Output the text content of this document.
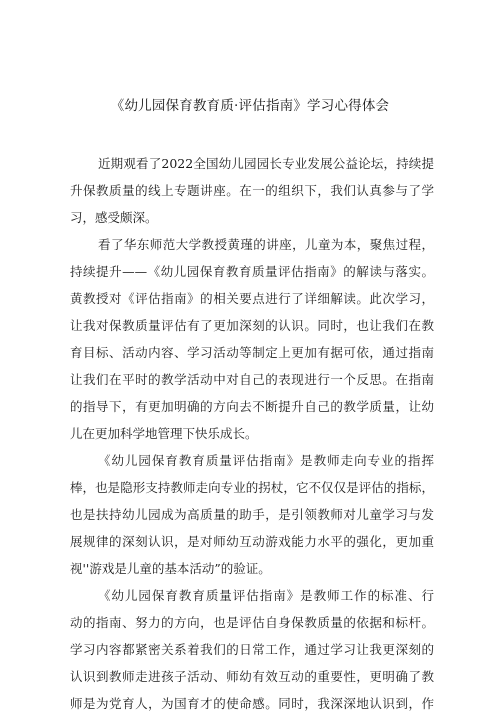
《幼儿园保育教育质·评估指南》学习心得体会
近期观看了2022全国幼儿园园长专业发展公益论坛，持续提
升保教质量的线上专题讲座。在一的组织下，我们认真参与了学
习，感受颇深。
看了华东师范大学教授黄瑾的讲座，儿童为本，聚焦过程，
持续提升——《幼儿园保育教育质量评估指南》的解读与落实。
黄教授对《评估指南》的相关要点进行了详细解读。此次学习，
让我对保教质量评估有了更加深刻的认识。同时，也让我们在教
育目标、活动内容、学习活动等制定上更加有据可依，通过指南
让我们在平时的教学活动中对自己的表现进行一个反思。在指南
的指导下，有更加明确的方向去不断提升自己的教学质量，让幼
儿在更加科学地管理下快乐成长。
《幼儿园保育教育质量评估指南》是教师走向专业的指挥
棒，也是隐形支持教师走向专业的拐杖，它不仅仅是评估的指标，
也是扶持幼儿园成为高质量的助手，是引领教师对儿童学习与发
展规律的深刻认识，是对师幼互动游戏能力水平的强化，更加重
视''游戏是儿童的基本活动”的验证。
《幼儿园保育教育质量评估指南》是教师工作的标准、行
动的指南、努力的方向，也是评估自身保教质量的依据和标杆。
学习内容都紧密关系着我们的日常工作，通过学习让我更深刻的
认识到教师走进孩子活动、师幼有效互动的重要性，更明确了教
师是为党育人，为国育才的使命感。同时，我深深地认识到，作
